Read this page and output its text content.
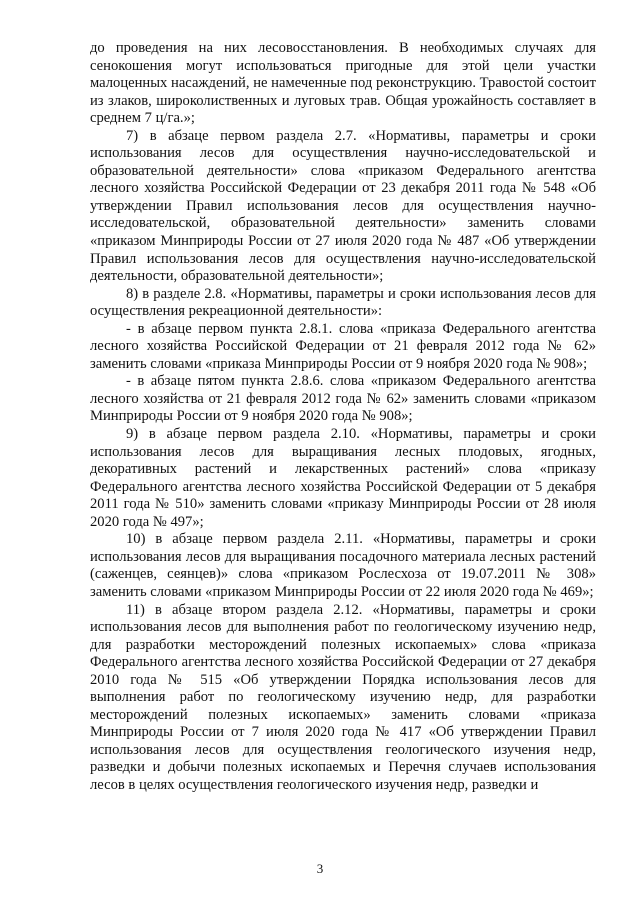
до проведения на них лесовосстановления. В необходимых случаях для сенокошения могут использоваться пригодные для этой цели участки малоценных насаждений, не намеченные под реконструкцию. Травостой состоит из злаков, широколиственных и луговых трав. Общая урожайность составляет в среднем 7 ц/га.»;

7) в абзаце первом раздела 2.7. «Нормативы, параметры и сроки использования лесов для осуществления научно-исследовательской и образовательной деятельности» слова «приказом Федерального агентства лесного хозяйства Российской Федерации от 23 декабря 2011 года № 548 «Об утверждении Правил использования лесов для осуществления научно-исследовательской, образовательной деятельности» заменить словами «приказом Минприроды России от 27 июля 2020 года № 487 «Об утверждении Правил использования лесов для осуществления научно-исследовательской деятельности, образовательной деятельности»;

8) в разделе 2.8. «Нормативы, параметры и сроки использования лесов для осуществления рекреационной деятельности»:

- в абзаце первом пункта 2.8.1. слова «приказа Федерального агентства лесного хозяйства Российской Федерации от 21 февраля 2012 года № 62» заменить словами «приказа Минприроды России от 9 ноября 2020 года № 908»;

- в абзаце пятом пункта 2.8.6. слова «приказом Федерального агентства лесного хозяйства от 21 февраля 2012 года № 62» заменить словами «приказом Минприроды России от 9 ноября 2020 года № 908»;

9) в абзаце первом раздела 2.10. «Нормативы, параметры и сроки использования лесов для выращивания лесных плодовых, ягодных, декоративных растений и лекарственных растений» слова «приказу Федерального агентства лесного хозяйства Российской Федерации от 5 декабря 2011 года № 510» заменить словами «приказу Минприроды России от 28 июля 2020 года № 497»;

10) в абзаце первом раздела 2.11. «Нормативы, параметры и сроки использования лесов для выращивания посадочного материала лесных растений (саженцев, сеянцев)» слова «приказом Рослесхоза от 19.07.2011 № 308» заменить словами «приказом Минприроды России от 22 июля 2020 года № 469»;

11) в абзаце втором раздела 2.12. «Нормативы, параметры и сроки использования лесов для выполнения работ по геологическому изучению недр, для разработки месторождений полезных ископаемых» слова «приказа Федерального агентства лесного хозяйства Российской Федерации от 27 декабря 2010 года № 515 «Об утверждении Порядка использования лесов для выполнения работ по геологическому изучению недр, для разработки месторождений полезных ископаемых» заменить словами «приказа Минприроды России от 7 июля 2020 года № 417 «Об утверждении Правил использования лесов для осуществления геологического изучения недр, разведки и добычи полезных ископаемых и Перечня случаев использования лесов в целях осуществления геологического изучения недр, разведки и

3
